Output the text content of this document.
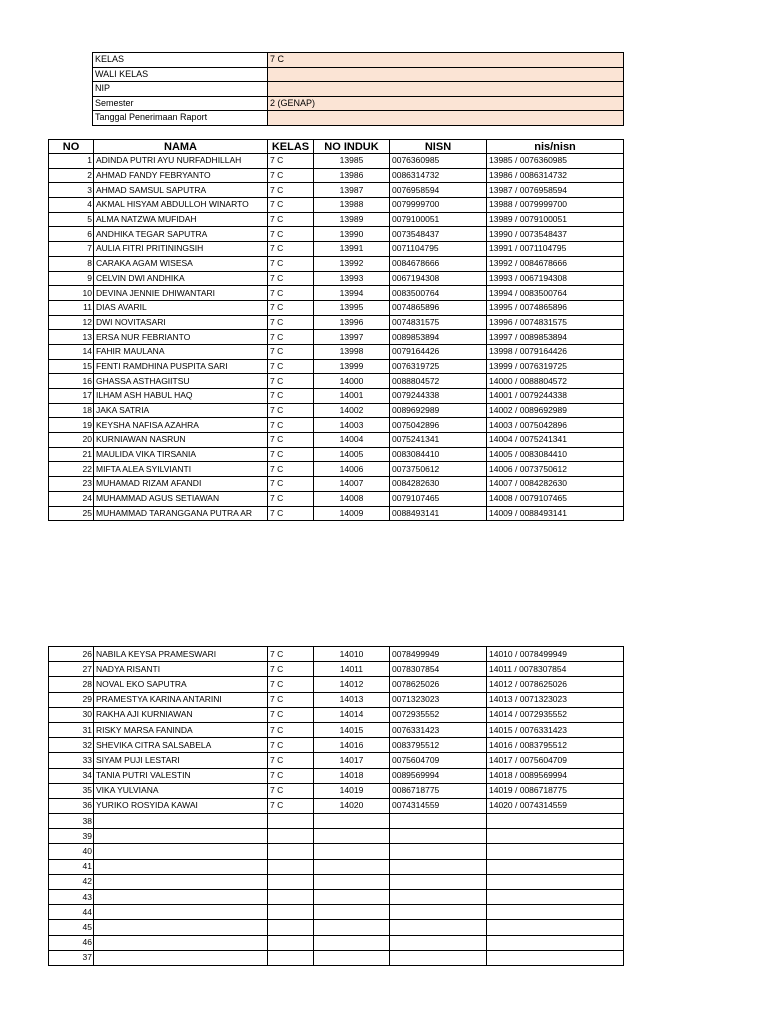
KELAS	7 C
WALI KELAS	
NIP	
Semester	2 (GENAP)
Tanggal Penerimaan Raport	
NO	NAMA	KELAS	NO INDUK	NISN	nis/nisn
1	ADINDA PUTRI AYU NURFADHILLAH	7 C	13985	0076360985	13985 / 0076360985
2	AHMAD FANDY FEBRYANTO	7 C	13986	0086314732	13986 / 0086314732
3	AHMAD SAMSUL SAPUTRA	7 C	13987	0076958594	13987 / 0076958594
4	AKMAL HISYAM ABDULLOH WINARTO	7 C	13988	0079999700	13988 / 0079999700
5	ALMA NATZWA MUFIDAH	7 C	13989	0079100051	13989 / 0079100051
6	ANDHIKA TEGAR SAPUTRA	7 C	13990	0073548437	13990 / 0073548437
7	AULIA FITRI PRITININGSIH	7 C	13991	0071104795	13991 / 0071104795
8	CARAKA AGAM WISESA	7 C	13992	0084678666	13992 / 0084678666
9	CELVIN DWI ANDHIKA	7 C	13993	0067194308	13993 / 0067194308
10	DEVINA JENNIE DHIWANTARI	7 C	13994	0083500764	13994 / 0083500764
11	DIAS AVARIL	7 C	13995	0074865896	13995 / 0074865896
12	DWI NOVITASARI	7 C	13996	0074831575	13996 / 0074831575
13	ERSA NUR FEBRIANTO	7 C	13997	0089853894	13997 / 0089853894
14	FAHIR MAULANA	7 C	13998	0079164426	13998 / 0079164426
15	FENTI RAMDHINA PUSPITA SARI	7 C	13999	0076319725	13999 / 0076319725
16	GHASSA ASTHAGIITSU	7 C	14000	0088804572	14000 / 0088804572
17	ILHAM ASH HABUL HAQ	7 C	14001	0079244338	14001 / 0079244338
18	JAKA SATRIA	7 C	14002	0089692989	14002 / 0089692989
19	KEYSHA NAFISA AZAHRA	7 C	14003	0075042896	14003 / 0075042896
20	KURNIAWAN NASRUN	7 C	14004	0075241341	14004 / 0075241341
21	MAULIDA VIKA TIRSANIA	7 C	14005	0083084410	14005 / 0083084410
22	MIFTA ALEA SYILVIANTI	7 C	14006	0073750612	14006 / 0073750612
23	MUHAMAD RIZAM AFANDI	7 C	14007	0084282630	14007 / 0084282630
24	MUHAMMAD AGUS SETIAWAN	7 C	14008	0079107465	14008 / 0079107465
25	MUHAMMAD TARANGGANA PUTRA AR	7 C	14009	0088493141	14009 / 0088493141
26	NABILA KEYSA PRAMESWARI	7 C	14010	0078499949	14010 / 0078499949
27	NADYA RISANTI	7 C	14011	0078307854	14011 / 0078307854
28	NOVAL EKO SAPUTRA	7 C	14012	0078625026	14012 / 0078625026
29	PRAMESTYA KARINA ANTARINI	7 C	14013	0071323023	14013 / 0071323023
30	RAKHA AJI KURNIAWAN	7 C	14014	0072935552	14014 / 0072935552
31	RISKY MARSA FANINDA	7 C	14015	0076331423	14015 / 0076331423
32	SHEVIKA CITRA SALSABELA	7 C	14016	0083795512	14016 / 0083795512
33	SIYAM PUJI LESTARI	7 C	14017	0075604709	14017 / 0075604709
34	TANIA PUTRI VALESTIN	7 C	14018	0089569994	14018 / 0089569994
35	VIKA YULVIANA	7 C	14019	0086718775	14019 / 0086718775
36	YURIKO ROSYIDA KAWAI	7 C	14020	0074314559	14020 / 0074314559
38					
39					
40					
41					
42					
43					
44					
45					
46					
37					
